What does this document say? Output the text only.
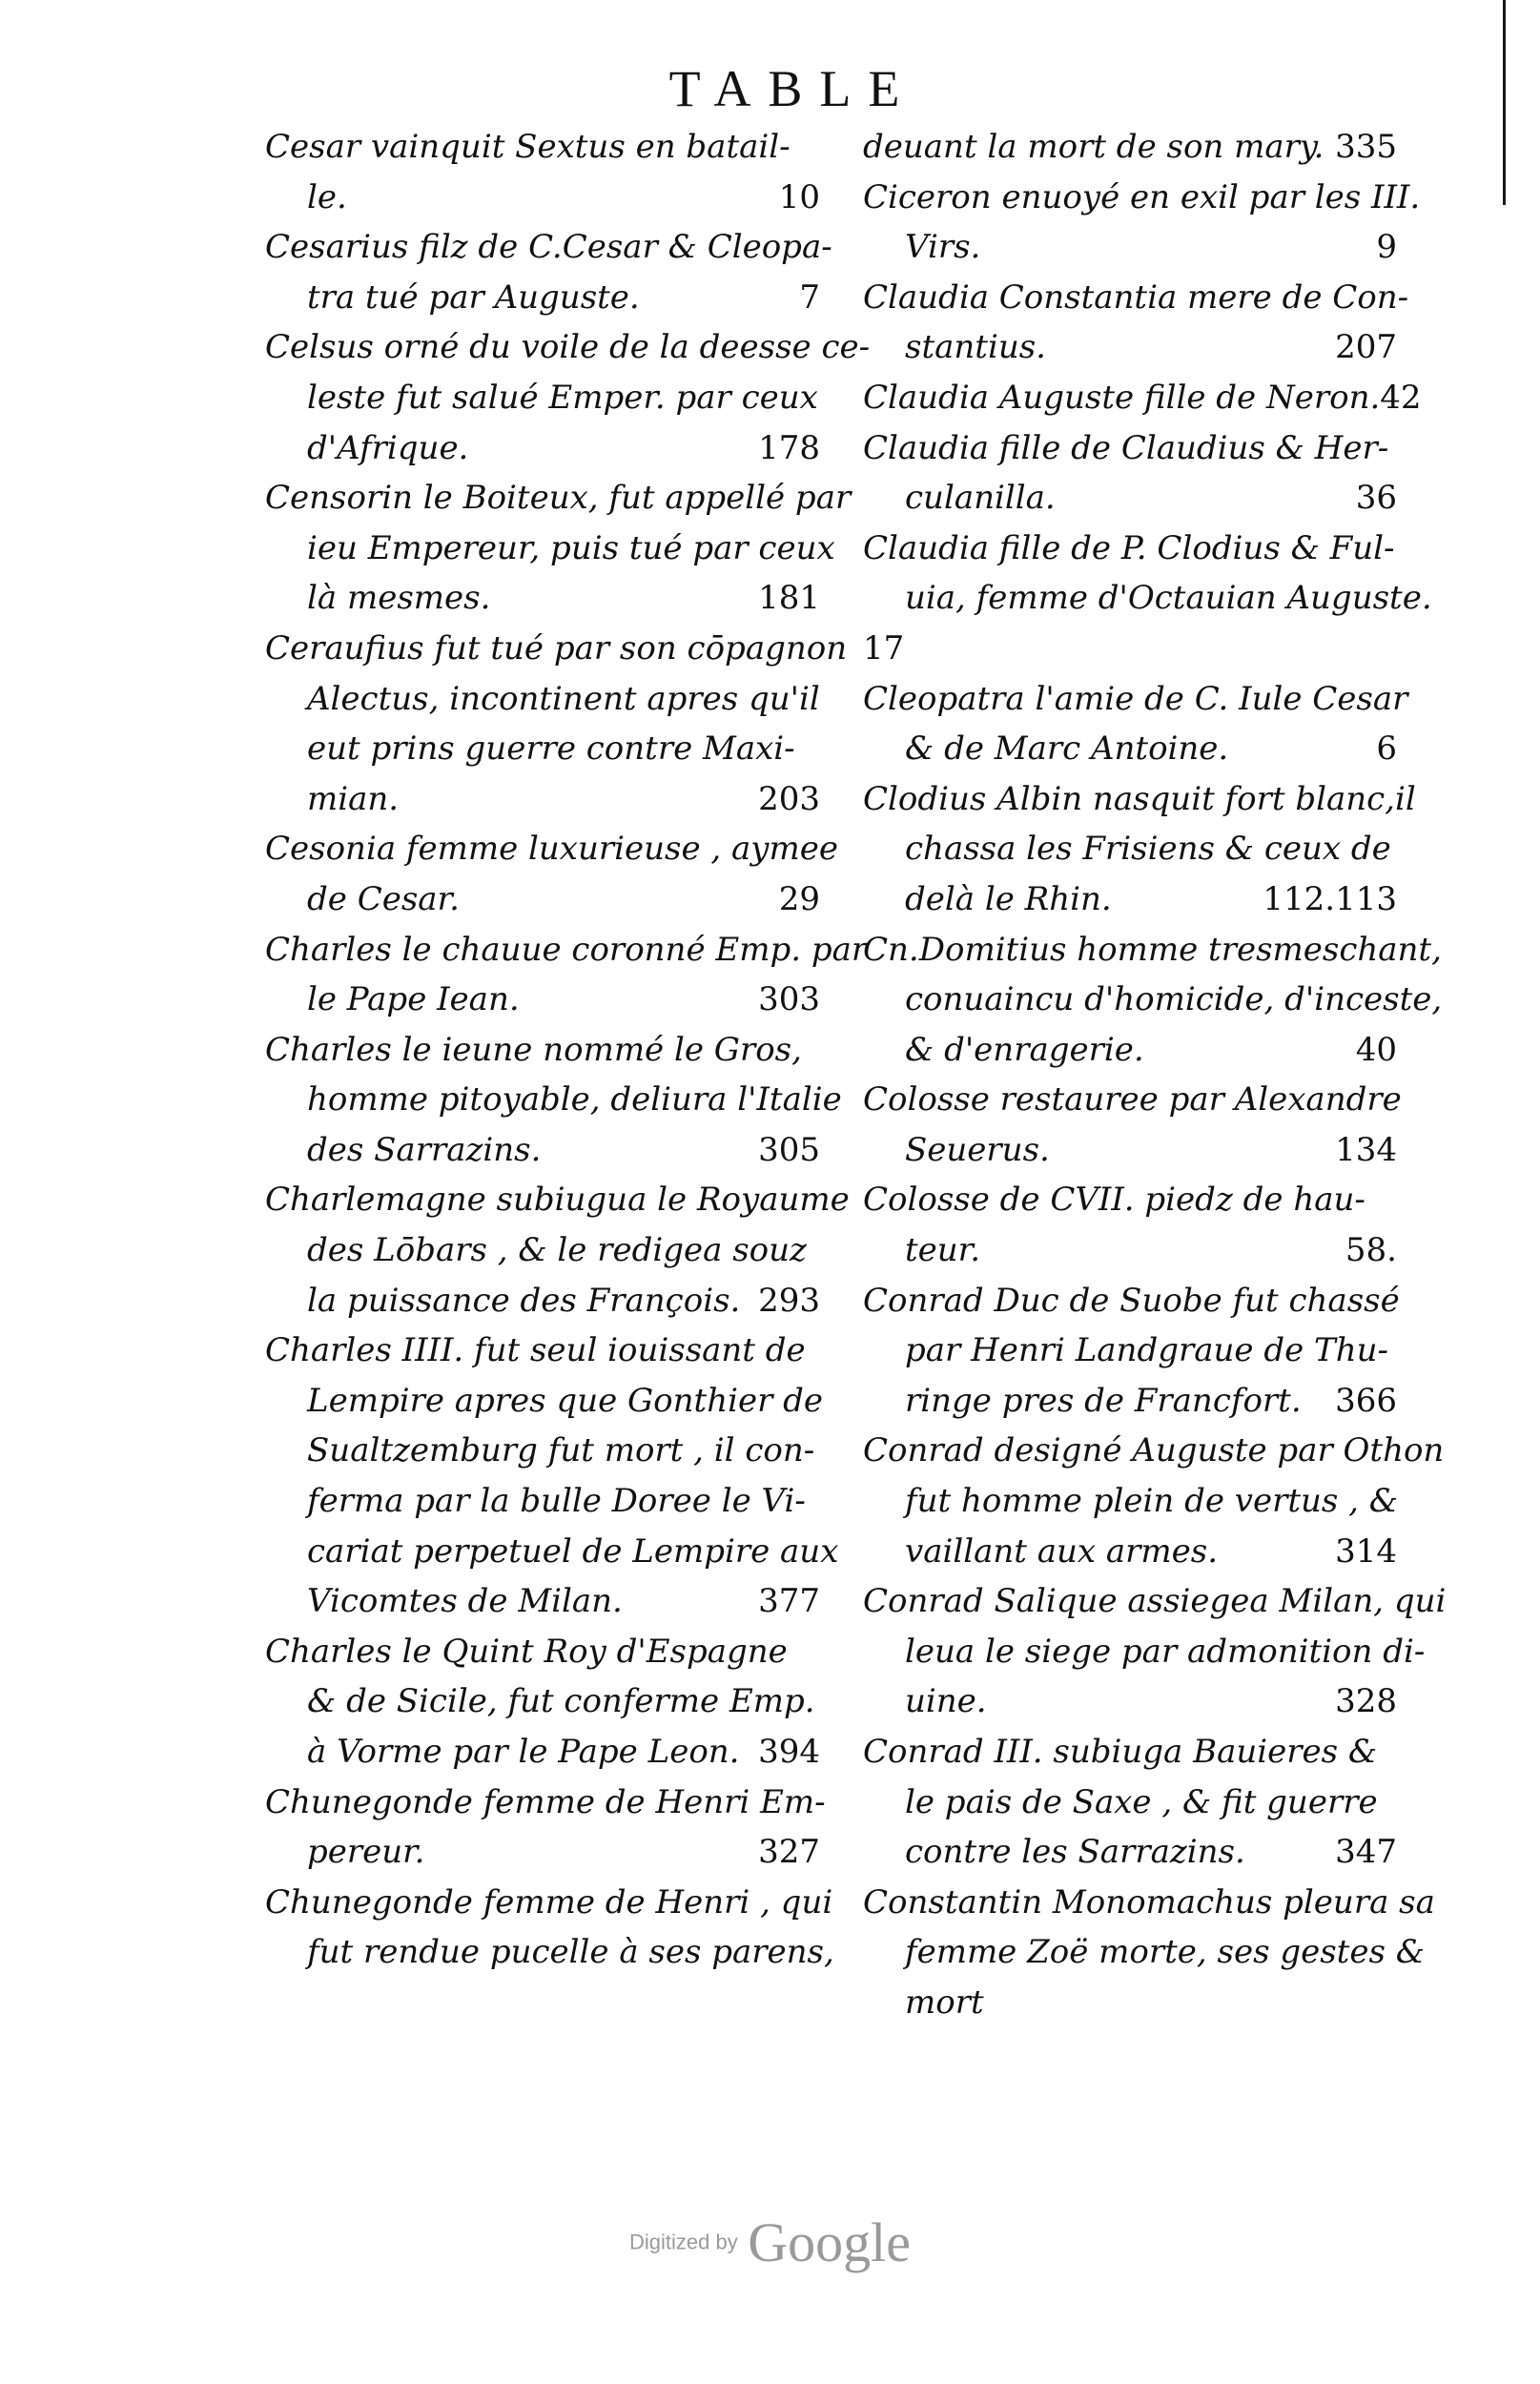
TABLE
Cesar vainquit Sextus en batail-
le.	10
Cesarius filz de C.Cesar & Cleopa-
tra tué par Auguste.	7
Celsus orné du voile de la deesse ce-
leste fut salué Emper. par ceux
d'Afrique.	178
Censorin le Boiteux, fut appellé par
ieu Empereur, puis tué par ceux
là mesmes.	181
Ceraufius fut tué par son cōpagnon
Alectus, incontinent apres qu'il
eut prins guerre contre Maxi-
mian.	203
Cesonia femme luxurieuse , aymee
de Cesar.	29
Charles le chauue coronné Emp. par
le Pape Iean.	303
Charles le ieune nommé le Gros,
homme pitoyable, deliura l'Italie
des Sarrazins.	305
Charlemagne subiugua le Royaume
des Lōbars , & le redigea souz
la puissance des François. 293
Charles IIII. fut seul iouissant de
Lempire apres que Gonthier de
Sualtzemburg fut mort , il con-
ferma par la bulle Doree le Vi-
cariat perpetuel de Lempire aux
Vicomtes de Milan.	377
Charles le Quint Roy d'Espagne
& de Sicile, fut conferme Emp.
à Vorme par le Pape Leon. 394
Chunegonde femme de Henri Em-
pereur.	327
Chunegonde femme de Henri , qui
fut rendue pucelle à ses parens,
deuant la mort de son mary. 335
Ciceron enuoyé en exil par les III.
Virs.	9
Claudia Constantia mere de Con-
stantius.	207
Claudia Auguste fille de Neron. 42
Claudia fille de Claudius & Her-
culanilla.	36
Claudia fille de P. Clodius & Ful-
uia, femme d'Octauian Auguste.
17
Cleopatra l'amie de C. Iule Cesar
& de Marc Antoine.	6
Clodius Albin nasquit fort blanc,il
chassa les Frisiens & ceux de
delà le Rhin.	112.113
Cn.Domitius homme tresmeschant,
conuaincu d'homicide, d'inceste,
& d'enragerie.	40
Colosse restauree par Alexandre
Seuerus.	134
Colosse de CVII. piedz de hau-
teur.	58.
Conrad Duc de Suobe fut chassé
par Henri Landgraue de Thu-
ringe pres de Francfort.	366
Conrad designé Auguste par Othon
fut homme plein de vertus , &
vaillant aux armes.	314
Conrad Salique assiegea Milan, qui
leua le siege par admonition di-
uine.	328
Conrad III. subiuga Bauieres &
le pais de Saxe , & fit guerre
contre les Sarrazins.	347
Constantin Monomachus pleura sa
femme Zoë morte, ses gestes &
mort
Digitized by Google
